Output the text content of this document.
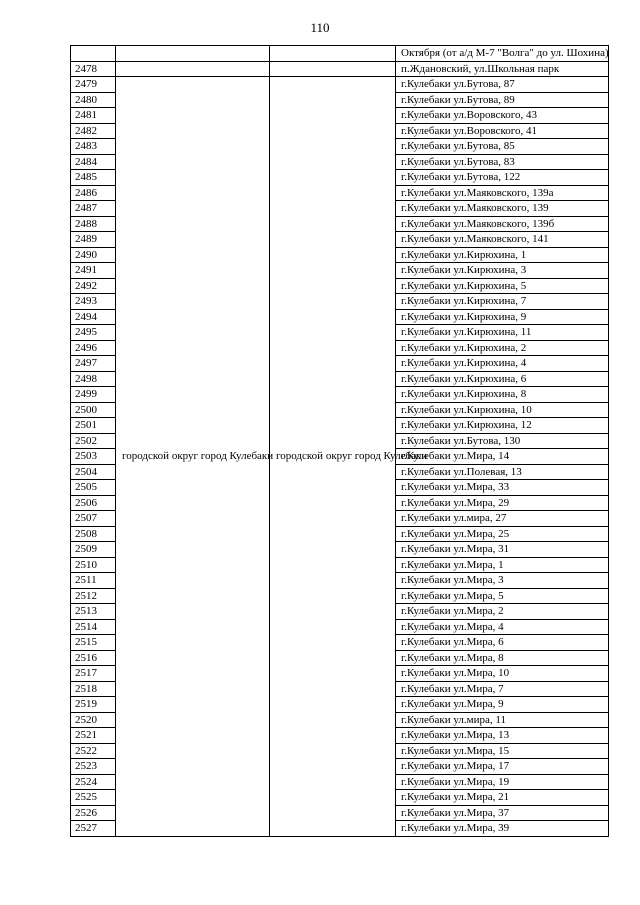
110
			Октября (от а/д М-7 "Волга" до ул. Шохина)
2478			п.Ждановский, ул.Школьная парк
2479	городской округ город Кулебаки	городской округ город Кулебаки	г.Кулебаки ул.Бутова, 87
2480			г.Кулебаки ул.Бутова, 89
2481			г.Кулебаки ул.Воровского, 43
2482			г.Кулебаки ул.Воровского, 41
2483			г.Кулебаки ул.Бутова, 85
2484			г.Кулебаки ул.Бутова, 83
2485			г.Кулебаки ул.Бутова, 122
2486			г.Кулебаки ул.Маяковского, 139а
2487			г.Кулебаки ул.Маяковского, 139
2488			г.Кулебаки ул.Маяковского, 139б
2489			г.Кулебаки ул.Маяковского, 141
2490			г.Кулебаки ул.Кирюхина, 1
2491			г.Кулебаки ул.Кирюхина, 3
2492			г.Кулебаки ул.Кирюхина, 5
2493			г.Кулебаки ул.Кирюхина, 7
2494			г.Кулебаки ул.Кирюхина, 9
2495			г.Кулебаки ул.Кирюхина, 11
2496			г.Кулебаки ул.Кирюхина, 2
2497			г.Кулебаки ул.Кирюхина, 4
2498			г.Кулебаки ул.Кирюхина, 6
2499			г.Кулебаки ул.Кирюхина, 8
2500			г.Кулебаки ул.Кирюхина, 10
2501			г.Кулебаки ул.Кирюхина, 12
2502			г.Кулебаки ул.Бутова, 130
2503			г.Кулебаки ул.Мира, 14
2504			г.Кулебаки ул.Полевая, 13
2505			г.Кулебаки ул.Мира, 33
2506			г.Кулебаки ул.Мира, 29
2507			г.Кулебаки ул.мира, 27
2508			г.Кулебаки ул.Мира, 25
2509			г.Кулебаки ул.Мира, 31
2510			г.Кулебаки ул.Мира, 1
2511			г.Кулебаки ул.Мира, 3
2512			г.Кулебаки ул.Мира, 5
2513			г.Кулебаки ул.Мира, 2
2514			г.Кулебаки ул.Мира, 4
2515			г.Кулебаки ул.Мира, 6
2516			г.Кулебаки ул.Мира, 8
2517			г.Кулебаки ул.Мира, 10
2518			г.Кулебаки ул.Мира, 7
2519			г.Кулебаки ул.Мира, 9
2520			г.Кулебаки ул.мира, 11
2521			г.Кулебаки ул.Мира, 13
2522			г.Кулебаки ул.Мира, 15
2523			г.Кулебаки ул.Мира, 17
2524			г.Кулебаки ул.Мира, 19
2525			г.Кулебаки ул.Мира, 21
2526			г.Кулебаки ул.Мира, 37
2527			г.Кулебаки ул.Мира, 39
